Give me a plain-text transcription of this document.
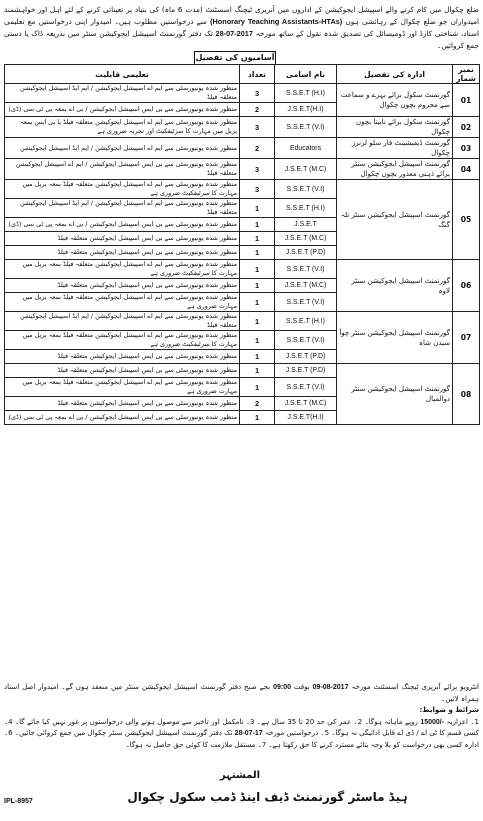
ضلع چکوال میں کام کرنے والے اسپیشل ایجوکیشن کے اداروں میں آنریری ٹیچنگ اسسٹنٹ (مدت 6 ماہ) کی بنیاد پر تعیناتی کرنے کے لئے اہل اور خواہشمند امیدواران جو ضلع چکوال کے رہائشی ہوں (Honorary Teaching Assistants-HTAs) سے درخواستیں مطلوب ہیں۔ امیدوار اپنی درخواستیں مع تعلیمی اسناد، شناختی کارڈ اور ڈومیسائل کی تصدیق شدہ نقول کے ساتھ مورخہ 28-07-2017 تک دفتر گورنمنٹ اسپیشل ایجوکیشن سنٹر میں بذریعہ ڈاک یا دستی جمع کروائیں۔
آسامیوں کی تفصیل
تعلیمی قابلیت	تعداد	نام اسامی	ادارہ کی تفصیل	نمبر شمار
منظور شدہ یونیورسٹی سے ایم اے اسپیشل ایجوکیشن / ایم ایڈ اسپیشل ایجوکیشن متعلقہ فیلڈ	3	S.S.E.T (H.I)	گورنمنٹ سکول برائے بہرے و سماعت سے محروم بچوں چکوال	01
منظور شدہ یونیورسٹی سے بی ایس اسپیشل ایجوکیشن / بی اے بمعہ پی ٹی سی (ڈی)	2	J.S.E.T(H.I)		
منظور شدہ یونیورسٹی سے ایم اے اسپیشل ایجوکیشن متعلقہ فیلڈ یا بی ایس بمعہ بریل میں مہارت کا سرٹیفکیٹ اور تجربہ ضروری ہے	3	S.S.E.T (V.I)	گورنمنٹ سکول برائے نابینا بچوں چکوال	02
منظور شدہ یونیورسٹی سے ایم اے اسپیشل ایجوکیشن / ایم ایڈ اسپیشل ایجوکیشن	2	Educators	گورنمنٹ ڈیفیشینٹ فار سلو لرنرز چکوال	03
منظور شدہ یونیورسٹی سے بی ایس اسپیشل ایجوکیشن / ایم اے اسپیشل ایجوکیشن متعلقہ فیلڈ	3	J.S.E.T (M.C)	گورنمنٹ اسپیشل ایجوکیشن سنٹر برائے ذہنی معذور بچوں چکوال	04
منظور شدہ یونیورسٹی سے ایم اے اسپیشل ایجوکیشن متعلقہ فیلڈ بمعہ بریل میں مہارت کا سرٹیفکیٹ ضروری ہے	3	S.S.E.T (V.I)	گورنمنٹ اسپیشل ایجوکیشن سنٹر تلہ گنگ	05
منظور شدہ یونیورسٹی سے ایم اے اسپیشل ایجوکیشن / ایم ایڈ اسپیشل ایجوکیشن متعلقہ فیلڈ	1	S.S.E.T (H.I)		
منظور شدہ یونیورسٹی سے بی ایس اسپیشل ایجوکیشن / بی اے بمعہ پی ٹی سی (ڈی)	1	J.S.E.T		
منظور شدہ یونیورسٹی سے بی ایس اسپیشل ایجوکیشن متعلقہ فیلڈ	1	J.S.E.T (M.C)		
منظور شدہ یونیورسٹی سے بی ایس اسپیشل ایجوکیشن متعلقہ فیلڈ	1	J.S.E.T (P.D)		
منظور شدہ یونیورسٹی سے ایم اے اسپیشل ایجوکیشن متعلقہ فیلڈ بمعہ بریل میں مہارت کا سرٹیفکیٹ ضروری ہے	1	S.S.E.T (V.I)	گورنمنٹ اسپیشل ایجوکیشن سنٹر لاوہ	06
منظور شدہ یونیورسٹی سے بی ایس اسپیشل ایجوکیشن متعلقہ فیلڈ	1	J.S.E.T (M.C)		
منظور شدہ یونیورسٹی سے ایم اے اسپیشل ایجوکیشن متعلقہ فیلڈ بمعہ بریل میں مہارت ضروری ہے	1	S.S.E.T (V.I)		
منظور شدہ یونیورسٹی سے ایم اے اسپیشل ایجوکیشن / ایم ایڈ اسپیشل ایجوکیشن متعلقہ فیلڈ	1	S.S.E.T (H.I)	گورنمنٹ اسپیشل ایجوکیشن سنٹر چوآ سیدن شاہ	07
منظور شدہ یونیورسٹی سے ایم اے اسپیشل ایجوکیشن متعلقہ فیلڈ بمعہ بریل میں مہارت کا سرٹیفکیٹ ضروری ہے	1	S.S.E.T (V.I)		
منظور شدہ یونیورسٹی سے بی ایس اسپیشل ایجوکیشن متعلقہ فیلڈ	1	J.S.E.T (P.D)		
منظور شدہ یونیورسٹی سے بی ایس اسپیشل ایجوکیشن متعلقہ فیلڈ	1	J.S.E.T (P.D)	گورنمنٹ اسپیشل ایجوکیشن سنٹر دوالمیال	08
منظور شدہ یونیورسٹی سے ایم اے اسپیشل ایجوکیشن متعلقہ فیلڈ بمعہ بریل میں مہارت ضروری ہے	1	S.S.E.T (V.I)		
منظور شدہ یونیورسٹی سے بی ایس اسپیشل ایجوکیشن متعلقہ فیلڈ	2	J.S.E.T (M.C)		
منظور شدہ یونیورسٹی سے بی ایس اسپیشل ایجوکیشن / بی اے بمعہ پی ٹی سی (ڈی)	1	J.S.E.T(H.I)		
انٹرویو برائے آنریری ٹیچنگ اسسٹنٹ مورخہ 09-08-2017 بوقت 09:00 بجے صبح دفتر گورنمنٹ اسپیشل ایجوکیشن سنٹر میں منعقد ہوں گے۔ امیدوار اصل اسناد ہمراہ لائیں۔
شرائط و ضوابط:
1۔ اعزازیہ 15000/- روپے ماہانہ ہوگا۔ 2۔ عمر کی حد 20 تا 35 سال ہے۔ 3۔ نامکمل اور تاخیر سے موصول ہونے والی درخواستوں پر غور نہیں کیا جائے گا۔ 4۔ کسی قسم کا ٹی اے / ڈی اے قابل ادائیگی نہ ہوگا۔ 5۔ درخواستیں مورخہ 28-07-17 تک دفتر گورنمنٹ اسپیشل ایجوکیشن سنٹر چکوال میں جمع کروائی جائیں۔ 6۔ ادارہ کسی بھی درخواست کو بلا وجہ بتائے مسترد کرنے کا حق رکھتا ہے۔ 7۔ مستقل ملازمت کا کوئی حق حاصل نہ ہوگا۔
المشتہر
ہیڈ ماسٹر گورنمنٹ ڈیف اینڈ ڈمب سکول چکوال
IPL-8957
